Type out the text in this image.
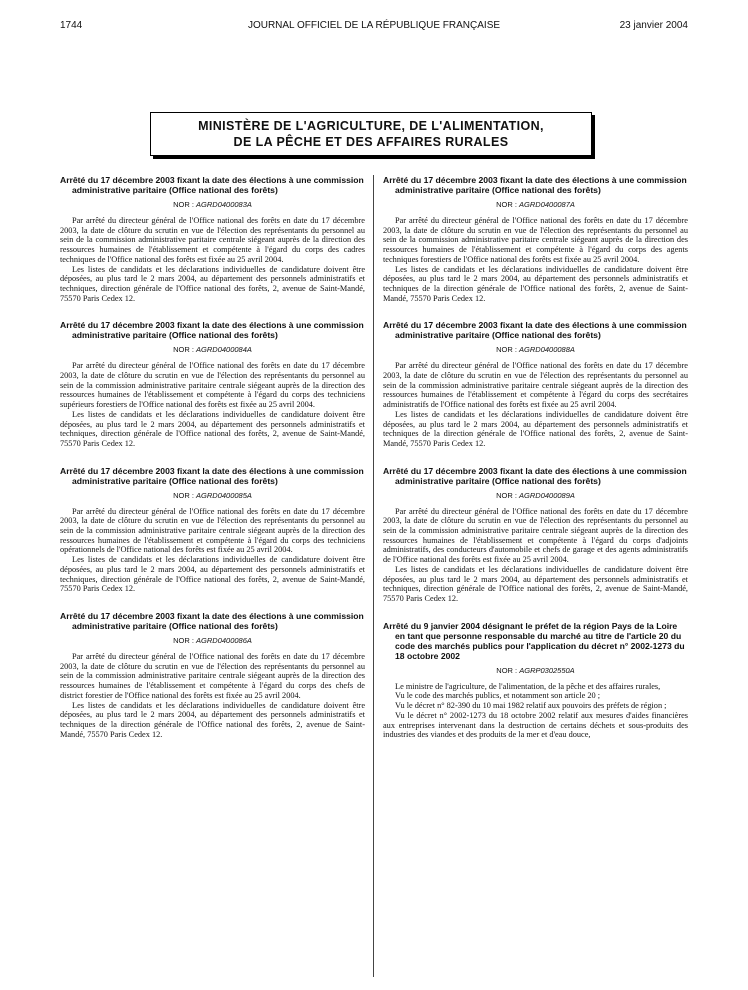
1744	JOURNAL OFFICIEL DE LA RÉPUBLIQUE FRANÇAISE	23 janvier 2004
MINISTÈRE DE L'AGRICULTURE, DE L'ALIMENTATION,
DE LA PÊCHE ET DES AFFAIRES RURALES

Arrêté du 17 décembre 2003 fixant la date des élections à une commission administrative paritaire (Office national des forêts)

NOR : AGRD0400083A

Par arrêté du directeur général de l'Office national des forêts en date du 17 décembre 2003, la date de clôture du scrutin en vue de l'élection des représentants du personnel au sein de la commission administrative paritaire centrale siégeant auprès de la direction des ressources humaines de l'établissement et compétente à l'égard du corps des cadres techniques de l'Office national des forêts est fixée au 25 avril 2004.

Les listes de candidats et les déclarations individuelles de candidature doivent être déposées, au plus tard le 2 mars 2004, au département des personnels administratifs et techniques, direction générale de l'Office national des forêts, 2, avenue de Saint-Mandé, 75570 Paris Cedex 12.

Arrêté du 17 décembre 2003 fixant la date des élections à une commission administrative paritaire (Office national des forêts)

NOR : AGRD0400084A

Par arrêté du directeur général de l'Office national des forêts en date du 17 décembre 2003, la date de clôture du scrutin en vue de l'élection des représentants du personnel au sein de la commission administrative paritaire centrale siégeant auprès de la direction des ressources humaines de l'établissement et compétente à l'égard du corps des techniciens supérieurs forestiers de l'Office national des forêts est fixée au 25 avril 2004.

Les listes de candidats et les déclarations individuelles de candidature doivent être déposées, au plus tard le 2 mars 2004, au département des personnels administratifs et techniques, direction générale de l'Office national des forêts, 2, avenue de Saint-Mandé, 75570 Paris Cedex 12.

Arrêté du 17 décembre 2003 fixant la date des élections à une commission administrative paritaire (Office national des forêts)

NOR : AGRD0400085A

Par arrêté du directeur général de l'Office national des forêts en date du 17 décembre 2003, la date de clôture du scrutin en vue de l'élection des représentants du personnel au sein de la commission administrative paritaire centrale siégeant auprès de la direction des ressources humaines de l'établissement et compétente à l'égard du corps des techniciens opérationnels de l'Office national des forêts est fixée au 25 avril 2004.

Les listes de candidats et les déclarations individuelles de candidature doivent être déposées, au plus tard le 2 mars 2004, au département des personnels administratifs et techniques, direction générale de l'Office national des forêts, 2, avenue de Saint-Mandé, 75570 Paris Cedex 12.

Arrêté du 17 décembre 2003 fixant la date des élections à une commission administrative paritaire (Office national des forêts)

NOR : AGRD0400086A

Par arrêté du directeur général de l'Office national des forêts en date du 17 décembre 2003, la date de clôture du scrutin en vue de l'élection des représentants du personnel au sein de la commission administrative paritaire centrale siégeant auprès de la direction des ressources humaines de l'établissement et compétente à l'égard du corps des chefs de district forestier de l'Office national des forêts est fixée au 25 avril 2004.

Les listes de candidats et les déclarations individuelles de candidature doivent être déposées, au plus tard le 2 mars 2004, au département des personnels administratifs et techniques de la direction générale de l'Office national des forêts, 2, avenue de Saint-Mandé, 75570 Paris Cedex 12.

Arrêté du 17 décembre 2003 fixant la date des élections à une commission administrative paritaire (Office national des forêts)

NOR : AGRD0400087A

Par arrêté du directeur général de l'Office national des forêts en date du 17 décembre 2003, la date de clôture du scrutin en vue de l'élection des représentants du personnel au sein de la commission administrative paritaire centrale siégeant auprès de la direction des ressources humaines de l'établissement et compétente à l'égard du corps des agents techniques forestiers de l'Office national des forêts est fixée au 25 avril 2004.

Les listes de candidats et les déclarations individuelles de candidature doivent être déposées, au plus tard le 2 mars 2004, au département des personnels administratifs et techniques de la direction générale de l'Office national des forêts, 2, avenue de Saint-Mandé, 75570 Paris Cedex 12.

Arrêté du 17 décembre 2003 fixant la date des élections à une commission administrative paritaire (Office national des forêts)

NOR : AGRD0400088A

Par arrêté du directeur général de l'Office national des forêts en date du 17 décembre 2003, la date de clôture du scrutin en vue de l'élection des représentants du personnel au sein de la commission administrative paritaire centrale siégeant auprès de la direction des ressources humaines de l'établissement et compétente à l'égard du corps des secrétaires administratifs de l'Office national des forêts est fixée au 25 avril 2004.

Les listes de candidats et les déclarations individuelles de candidature doivent être déposées, au plus tard le 2 mars 2004, au département des personnels administratifs et techniques de la direction générale de l'Office national des forêts, 2, avenue de Saint-Mandé, 75570 Paris Cedex 12.

Arrêté du 17 décembre 2003 fixant la date des élections à une commission administrative paritaire (Office national des forêts)

NOR : AGRD0400089A

Par arrêté du directeur général de l'Office national des forêts en date du 17 décembre 2003, la date de clôture du scrutin en vue de l'élection des représentants du personnel au sein de la commission administrative paritaire centrale siégeant auprès de la direction des ressources humaines de l'établissement et compétente à l'égard du corps d'adjoints administratifs, des conducteurs d'automobile et chefs de garage et des agents administratifs de l'Office national des forêts est fixée au 25 avril 2004.

Les listes de candidats et les déclarations individuelles de candidature doivent être déposées, au plus tard le 2 mars 2004, au département des personnels administratifs et techniques, direction générale de l'Office national des forêts, 2, avenue de Saint-Mandé, 75570 Paris Cedex 12.

Arrêté du 9 janvier 2004 désignant le préfet de la région Pays de la Loire en tant que personne responsable du marché au titre de l'article 20 du code des marchés publics pour l'application du décret n° 2002-1273 du 18 octobre 2002

NOR : AGRP0302550A

Le ministre de l'agriculture, de l'alimentation, de la pêche et des affaires rurales,

Vu le code des marchés publics, et notamment son article 20 ;

Vu le décret n° 82-390 du 10 mai 1982 relatif aux pouvoirs des préfets de région ;

Vu le décret n° 2002-1273 du 18 octobre 2002 relatif aux mesures d'aides financières aux entreprises intervenant dans la destruction de certains déchets et sous-produits des industries des viandes et des produits de la mer et d'eau douce,
